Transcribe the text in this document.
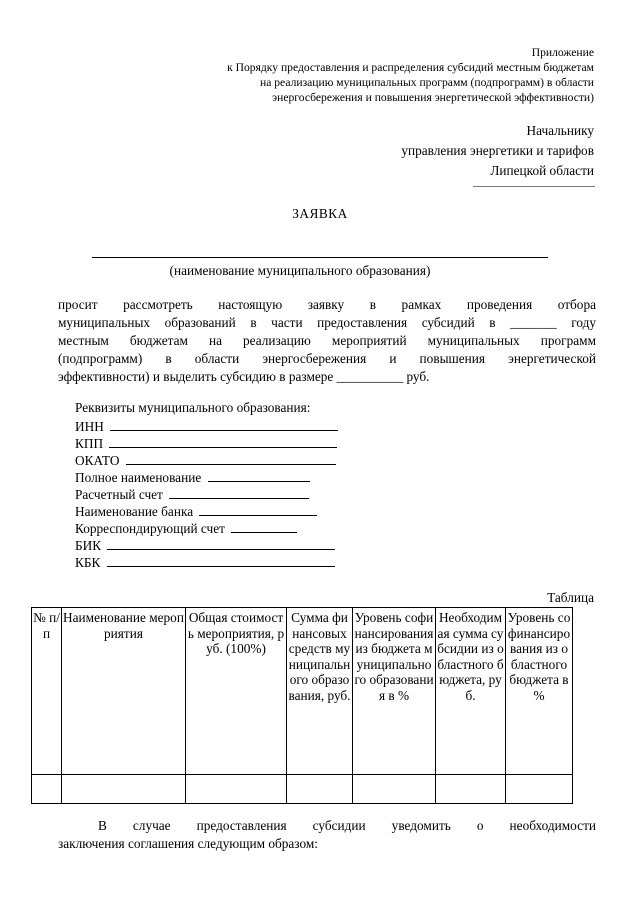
Приложение
к Порядку предоставления и распределения субсидий местным бюджетам
на реализацию муниципальных программ (подпрограмм) в области
энергосбережения и повышения энергетической эффективности)
Начальнику
управления энергетики и тарифов
Липецкой области
ЗАЯВКА
(наименование муниципального образования)
просит рассмотреть настоящую заявку в рамках проведения отбора
муниципальных образований в части предоставления субсидий в _______ году
местным бюджетам на реализацию мероприятий муниципальных программ
(подпрограмм) в области энергосбережения и повышения энергетической
эффективности) и выделить субсидию в размере __________ руб.
Реквизиты муниципального образования:
ИНН
КПП
ОКАТО
Полное наименование
Расчетный счет
Наименование банка
Корреспондирующий счет
БИК
КБК
Таблица
№ п/п	Наименование мероприятия	Общая стоимость мероприятия, руб. (100%)	Сумма финансовых средств муниципального образования, руб.	Уровень софинансирования из бюджета муниципального образования в %	Необходимая сумма субсидии из областного бюджета, руб.	Уровень софинансирования из областного бюджета в %

В случае предоставления субсидии уведомить о необходимости
заключения соглашения следующим образом:
